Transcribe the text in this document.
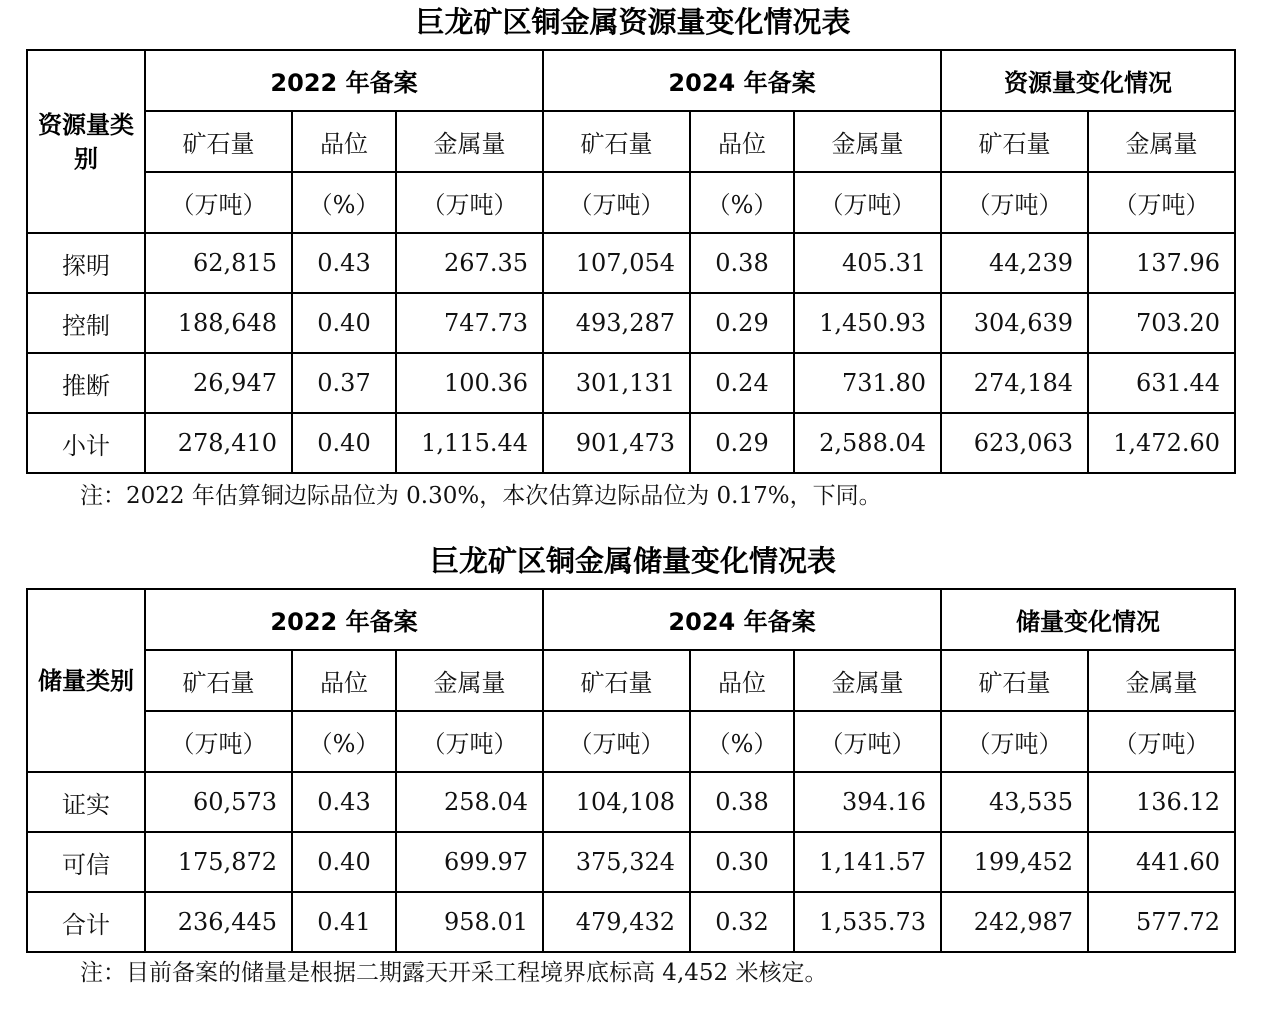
巨龙矿区铜金属资源量变化情况表
资源量类别	2022 年备案			2024 年备案			资源量变化情况	
	矿石量	品位	金属量	矿石量	品位	金属量	矿石量	金属量
	（万吨）	（%）	（万吨）	（万吨）	（%）	（万吨）	（万吨）	（万吨）
探明	62,815	0.43	267.35	107,054	0.38	405.31	44,239	137.96
控制	188,648	0.40	747.73	493,287	0.29	1,450.93	304,639	703.20
推断	26,947	0.37	100.36	301,131	0.24	731.80	274,184	631.44
小计	278,410	0.40	1,115.44	901,473	0.29	2,588.04	623,063	1,472.60
注：2022 年估算铜边际品位为 0.30%，本次估算边际品位为 0.17%，下同。
巨龙矿区铜金属储量变化情况表
储量类别	2022 年备案			2024 年备案			储量变化情况	
	矿石量	品位	金属量	矿石量	品位	金属量	矿石量	金属量
	（万吨）	（%）	（万吨）	（万吨）	（%）	（万吨）	（万吨）	（万吨）
证实	60,573	0.43	258.04	104,108	0.38	394.16	43,535	136.12
可信	175,872	0.40	699.97	375,324	0.30	1,141.57	199,452	441.60
合计	236,445	0.41	958.01	479,432	0.32	1,535.73	242,987	577.72
注：目前备案的储量是根据二期露天开采工程境界底标高 4,452 米核定。
